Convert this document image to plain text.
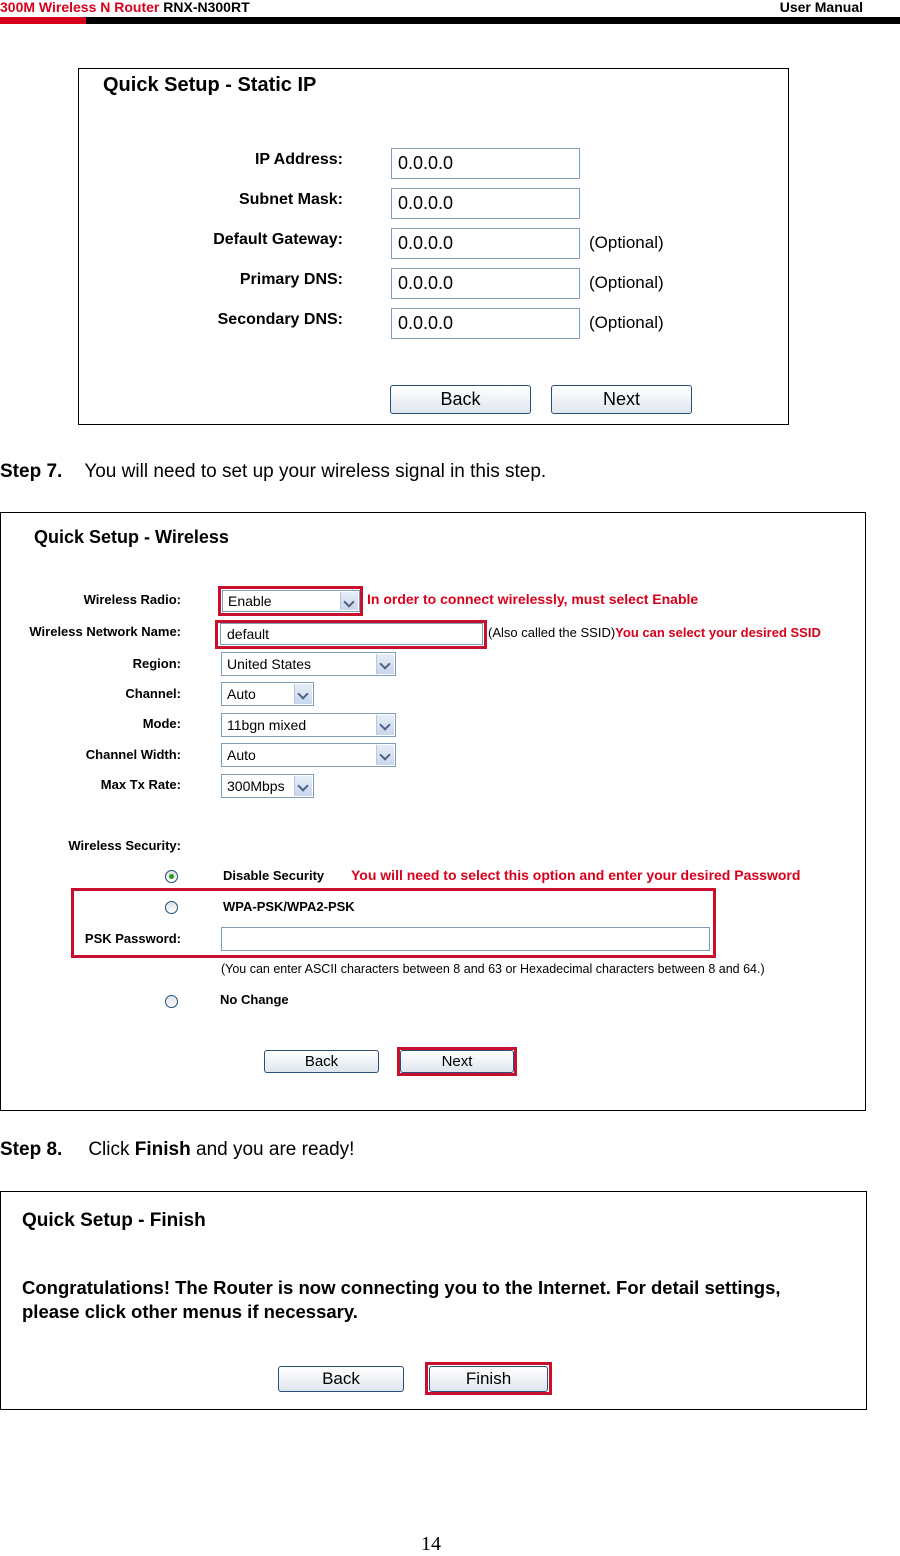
300M Wireless N Router RNX-N300RT	User Manual
Quick Setup - Static IP
IP Address:	0.0.0.0
Subnet Mask:	0.0.0.0
Default Gateway:	0.0.0.0	(Optional)
Primary DNS:	0.0.0.0	(Optional)
Secondary DNS:	0.0.0.0	(Optional)
Back	Next
Step 7. You will need to set up your wireless signal in this step.
Quick Setup - Wireless
Wireless Radio:	Enable	In order to connect wirelessly, must select Enable
Wireless Network Name:	default	(Also called the SSID)You can select your desired SSID
Region:	United States
Channel:	Auto
Mode:	11bgn mixed
Channel Width:	Auto
Max Tx Rate:	300Mbps
Wireless Security:
Disable Security You will need to select this option and enter your desired Password
WPA-PSK/WPA2-PSK
PSK Password:
(You can enter ASCII characters between 8 and 63 or Hexadecimal characters between 8 and 64.)
No Change
Back	Next
Step 8. Click Finish and you are ready!
Quick Setup - Finish
Congratulations! The Router is now connecting you to the Internet. For detail settings,
please click other menus if necessary.
Back	Finish
14
